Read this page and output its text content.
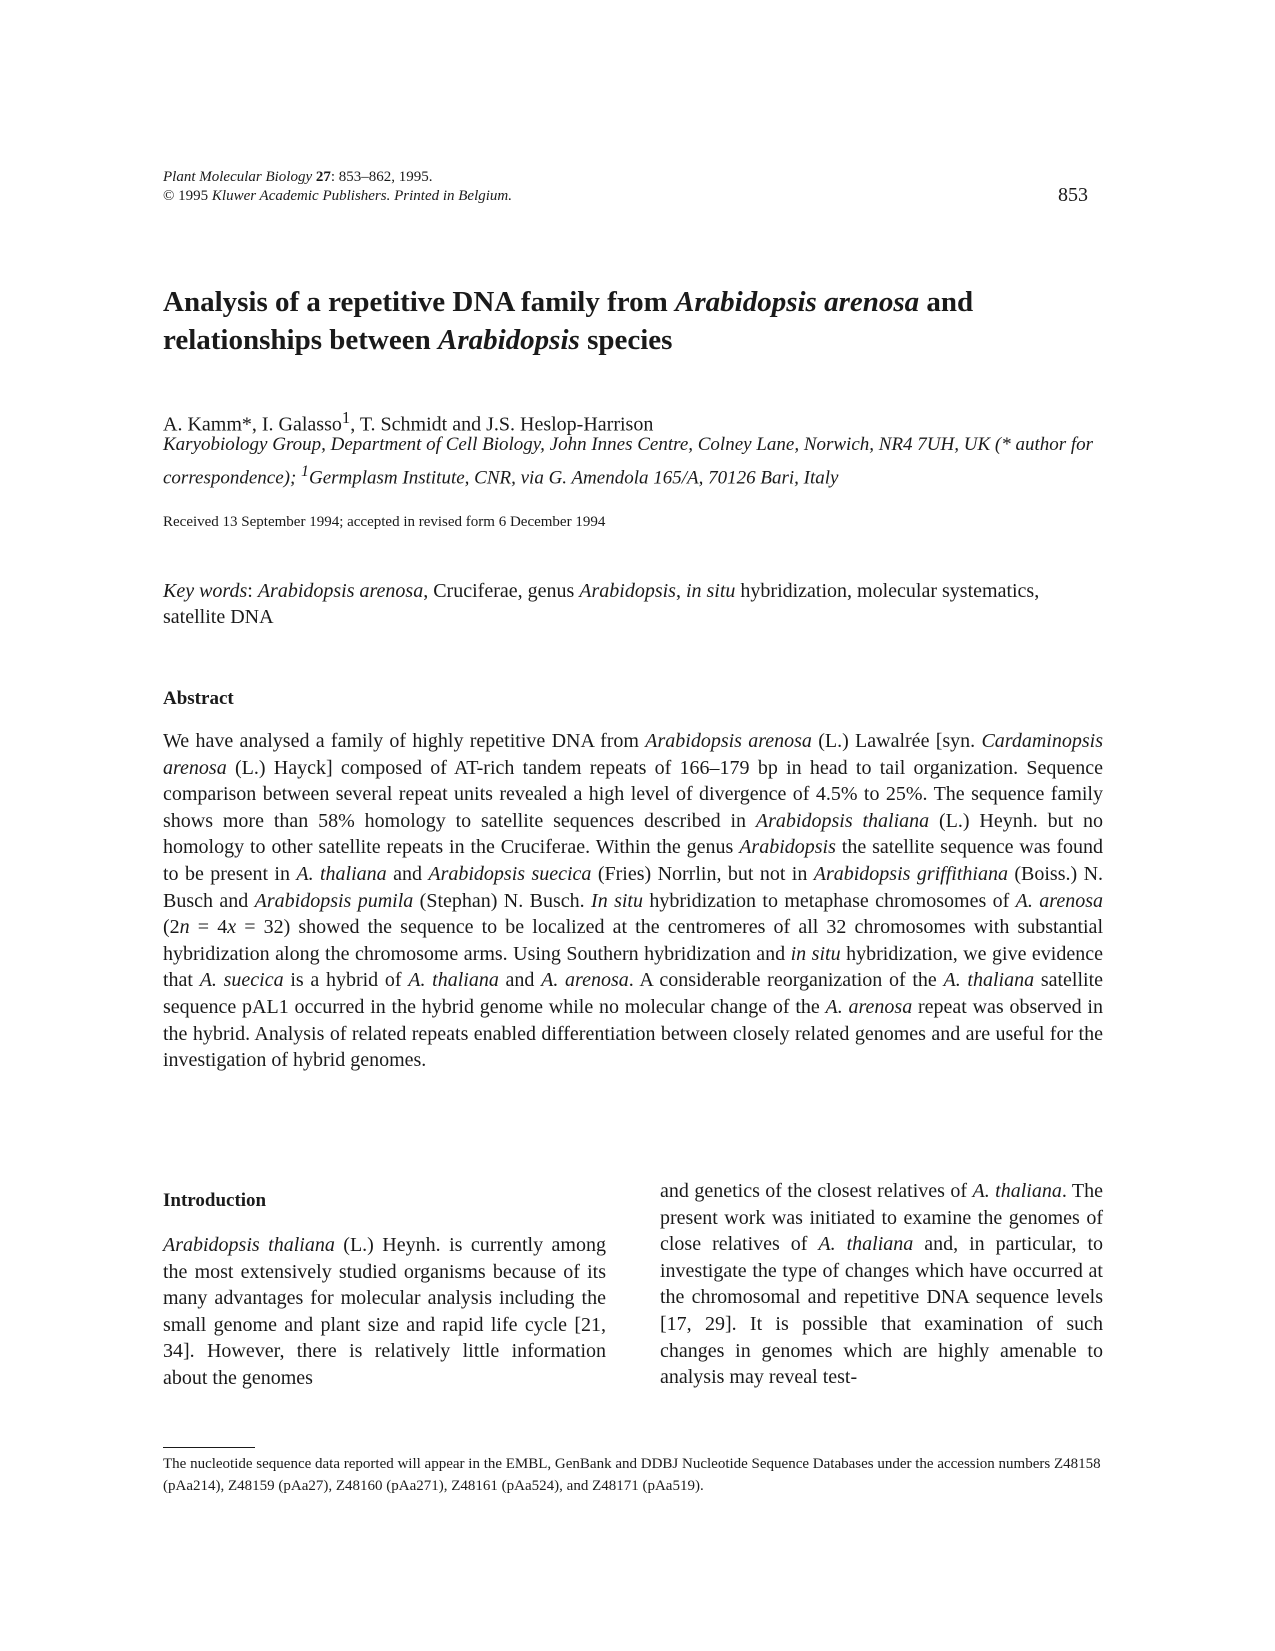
Plant Molecular Biology 27: 853–862, 1995.
© 1995 Kluwer Academic Publishers. Printed in Belgium.	853
Analysis of a repetitive DNA family from Arabidopsis arenosa and relationships between Arabidopsis species
A. Kamm*, I. Galasso$^1$, T. Schmidt and J.S. Heslop-Harrison
Karyobiology Group, Department of Cell Biology, John Innes Centre, Colney Lane, Norwich, NR4 7UH, UK (* author for correspondence); $^1$Germplasm Institute, CNR, via G. Amendola 165/A, 70126 Bari, Italy
Received 13 September 1994; accepted in revised form 6 December 1994
Key words: Arabidopsis arenosa, Cruciferae, genus Arabidopsis, in situ hybridization, molecular systematics, satellite DNA
Abstract
We have analysed a family of highly repetitive DNA from Arabidopsis arenosa (L.) Lawalrée [syn. Cardaminopsis arenosa (L.) Hayck] composed of AT-rich tandem repeats of 166–179 bp in head to tail organization. Sequence comparison between several repeat units revealed a high level of divergence of 4.5% to 25%. The sequence family shows more than 58% homology to satellite sequences described in Arabidopsis thaliana (L.) Heynh. but no homology to other satellite repeats in the Cruciferae. Within the genus Arabidopsis the satellite sequence was found to be present in A. thaliana and Arabidopsis suecica (Fries) Norrlin, but not in Arabidopsis griffithiana (Boiss.) N. Busch and Arabidopsis pumila (Stephan) N. Busch. In situ hybridization to metaphase chromosomes of A. arenosa (2n = 4x = 32) showed the sequence to be localized at the centromeres of all 32 chromosomes with substantial hybridization along the chromosome arms. Using Southern hybridization and in situ hybridization, we give evidence that A. suecica is a hybrid of A. thaliana and A. arenosa. A considerable reorganization of the A. thaliana satellite sequence pAL1 occurred in the hybrid genome while no molecular change of the A. arenosa repeat was observed in the hybrid. Analysis of related repeats enabled differentiation between closely related genomes and are useful for the investigation of hybrid genomes.
Introduction
Arabidopsis thaliana (L.) Heynh. is currently among the most extensively studied organisms because of its many advantages for molecular analysis including the small genome and plant size and rapid life cycle [21, 34]. However, there is relatively little information about the genomes
and genetics of the closest relatives of A. thaliana. The present work was initiated to examine the genomes of close relatives of A. thaliana and, in particular, to investigate the type of changes which have occurred at the chromosomal and repetitive DNA sequence levels [17, 29]. It is possible that examination of such changes in genomes which are highly amenable to analysis may reveal test-
The nucleotide sequence data reported will appear in the EMBL, GenBank and DDBJ Nucleotide Sequence Databases under the accession numbers Z48158 (pAa214), Z48159 (pAa27), Z48160 (pAa271), Z48161 (pAa524), and Z48171 (pAa519).
